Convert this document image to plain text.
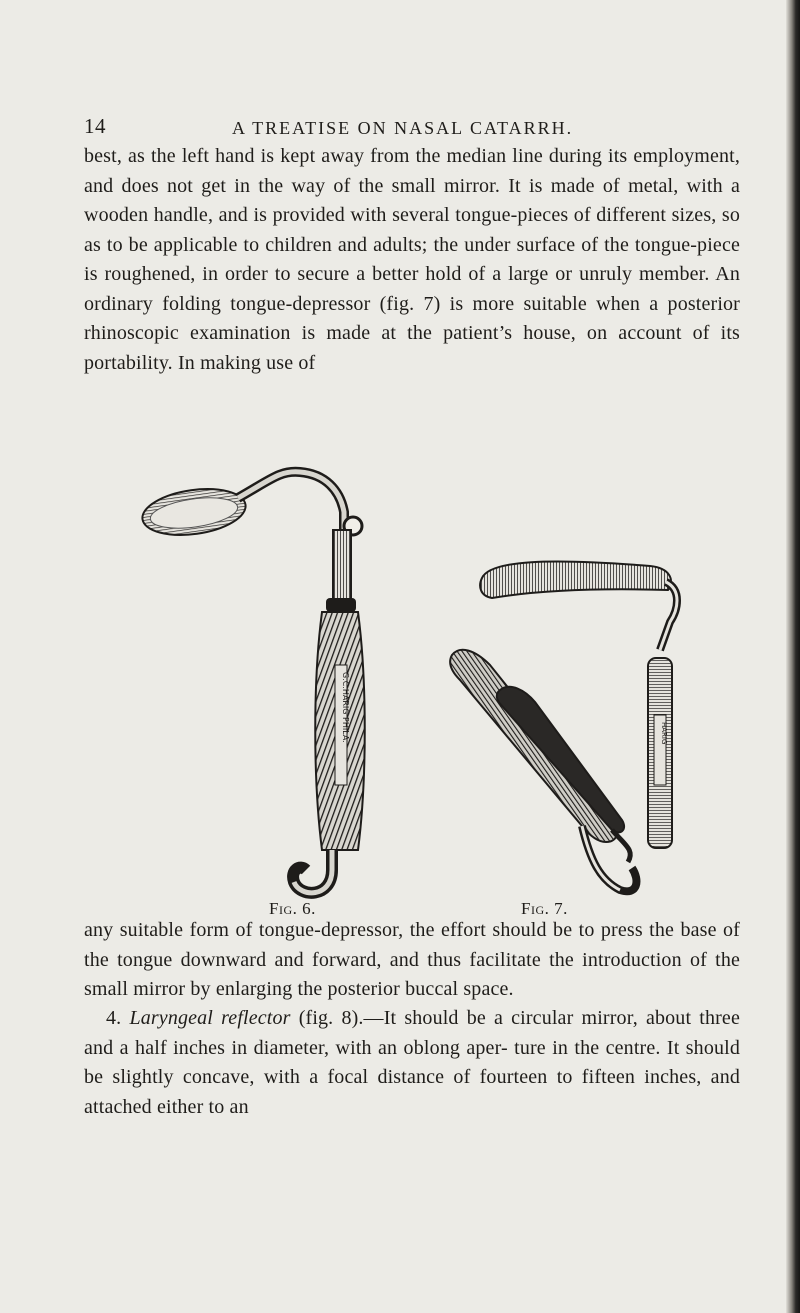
14	A TREATISE ON NASAL CATARRH.

best, as the left hand is kept away from the median line during its employment, and does not get in the way of the small mirror. It is made of metal, with a wooden handle, and is provided with several tongue-pieces of different sizes, so as to be applicable to children and adults; the under surface of the tongue-piece is roughened, in order to secure a better hold of a large or unruly member. An ordinary folding tongue-depressor (fig. 7) is more suitable when a posterior rhinoscopic examination is made at the patient’s house, on account of its portability. In making use of

G.C.HARIG PHILA.	HARIG
Fig. 6.	Fig. 7.

any suitable form of tongue-depressor, the effort should be to press the base of the tongue downward and forward, and thus facilitate the introduction of the small mirror by enlarging the posterior buccal space.

4. Laryngeal reflector (fig. 8).—It should be a circular mirror, about three and a half inches in diameter, with an oblong aper- ture in the centre. It should be slightly concave, with a focal distance of fourteen to fifteen inches, and attached either to an
